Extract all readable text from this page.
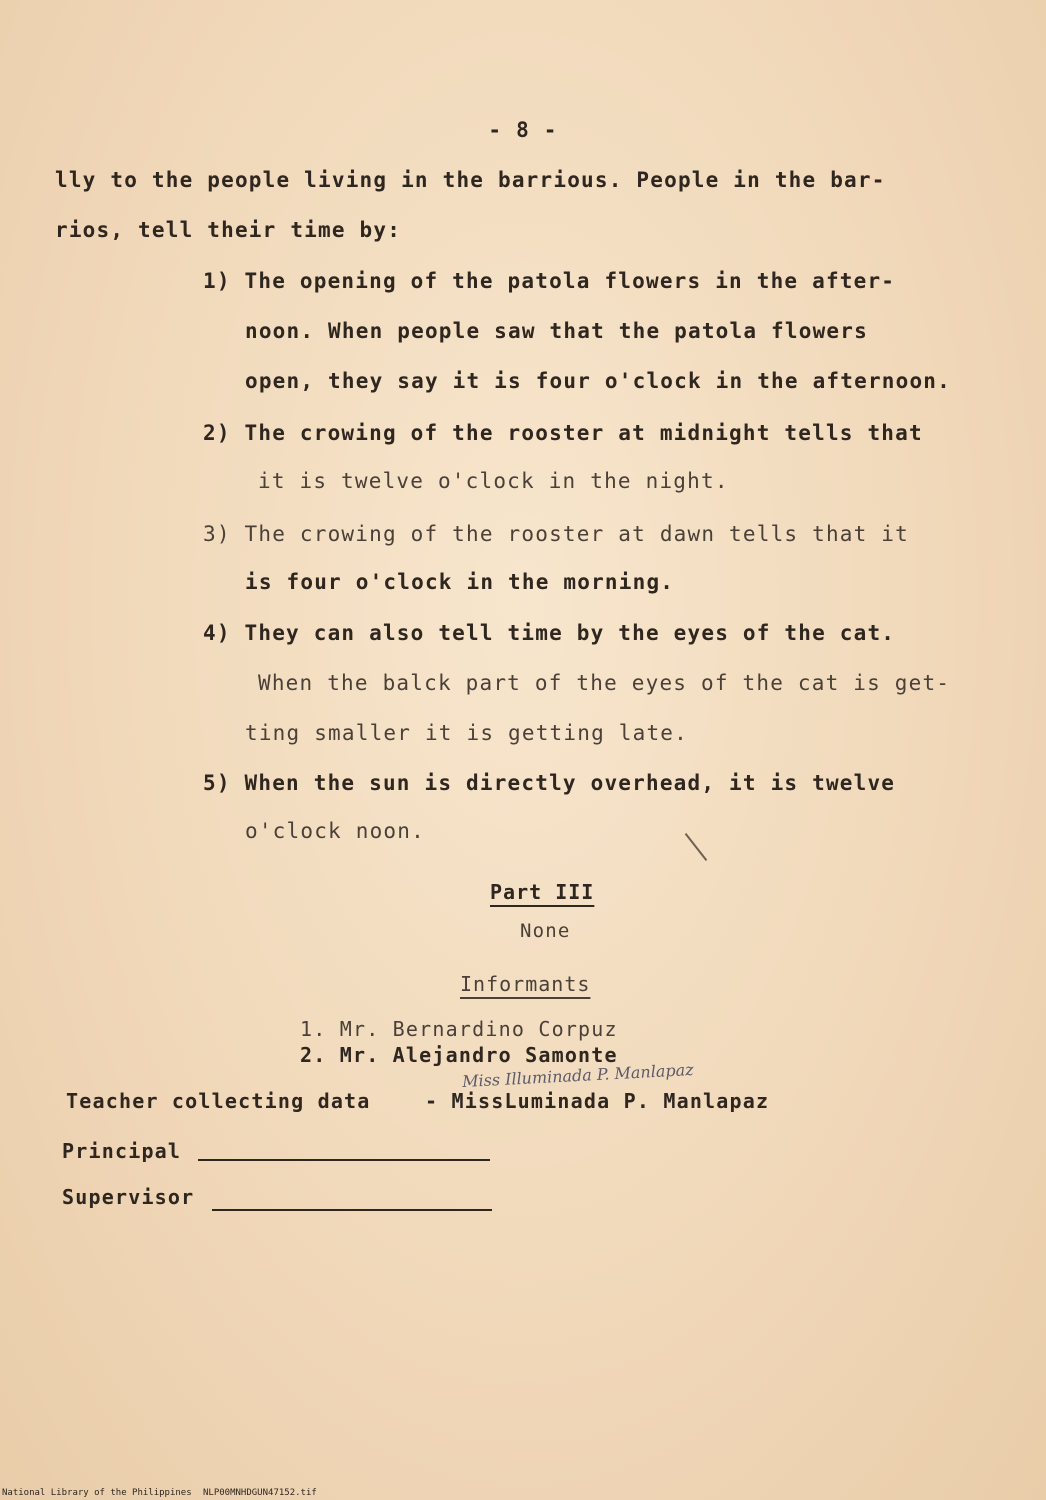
- 8 -
lly to the people living in the barrious. People in the bar-
rios, tell their time by:
1) The opening of the patola flowers in the after-
noon. When people saw that the patola flowers
open, they say it is four o'clock in the afternoon.
2) The crowing of the rooster at midnight tells that
it is twelve o'clock in the night.
3) The crowing of the rooster at dawn tells that it
is four o'clock in the morning.
4) They can also tell time by the eyes of the cat.
When the balck part of the eyes of the cat is get-
ting smaller it is getting late.
5) When the sun is directly overhead, it is twelve
o'clock noon.
Part III
None
Informants
1. Mr. Bernardino Corpuz
2. Mr. Alejandro Samonte
Teacher collecting data	- MissLuminada P. Manlapaz
Miss Illuminada P. Manlapaz
Principal
Supervisor
National Library of the Philippines NLP00MNHDGUN47152.tif
